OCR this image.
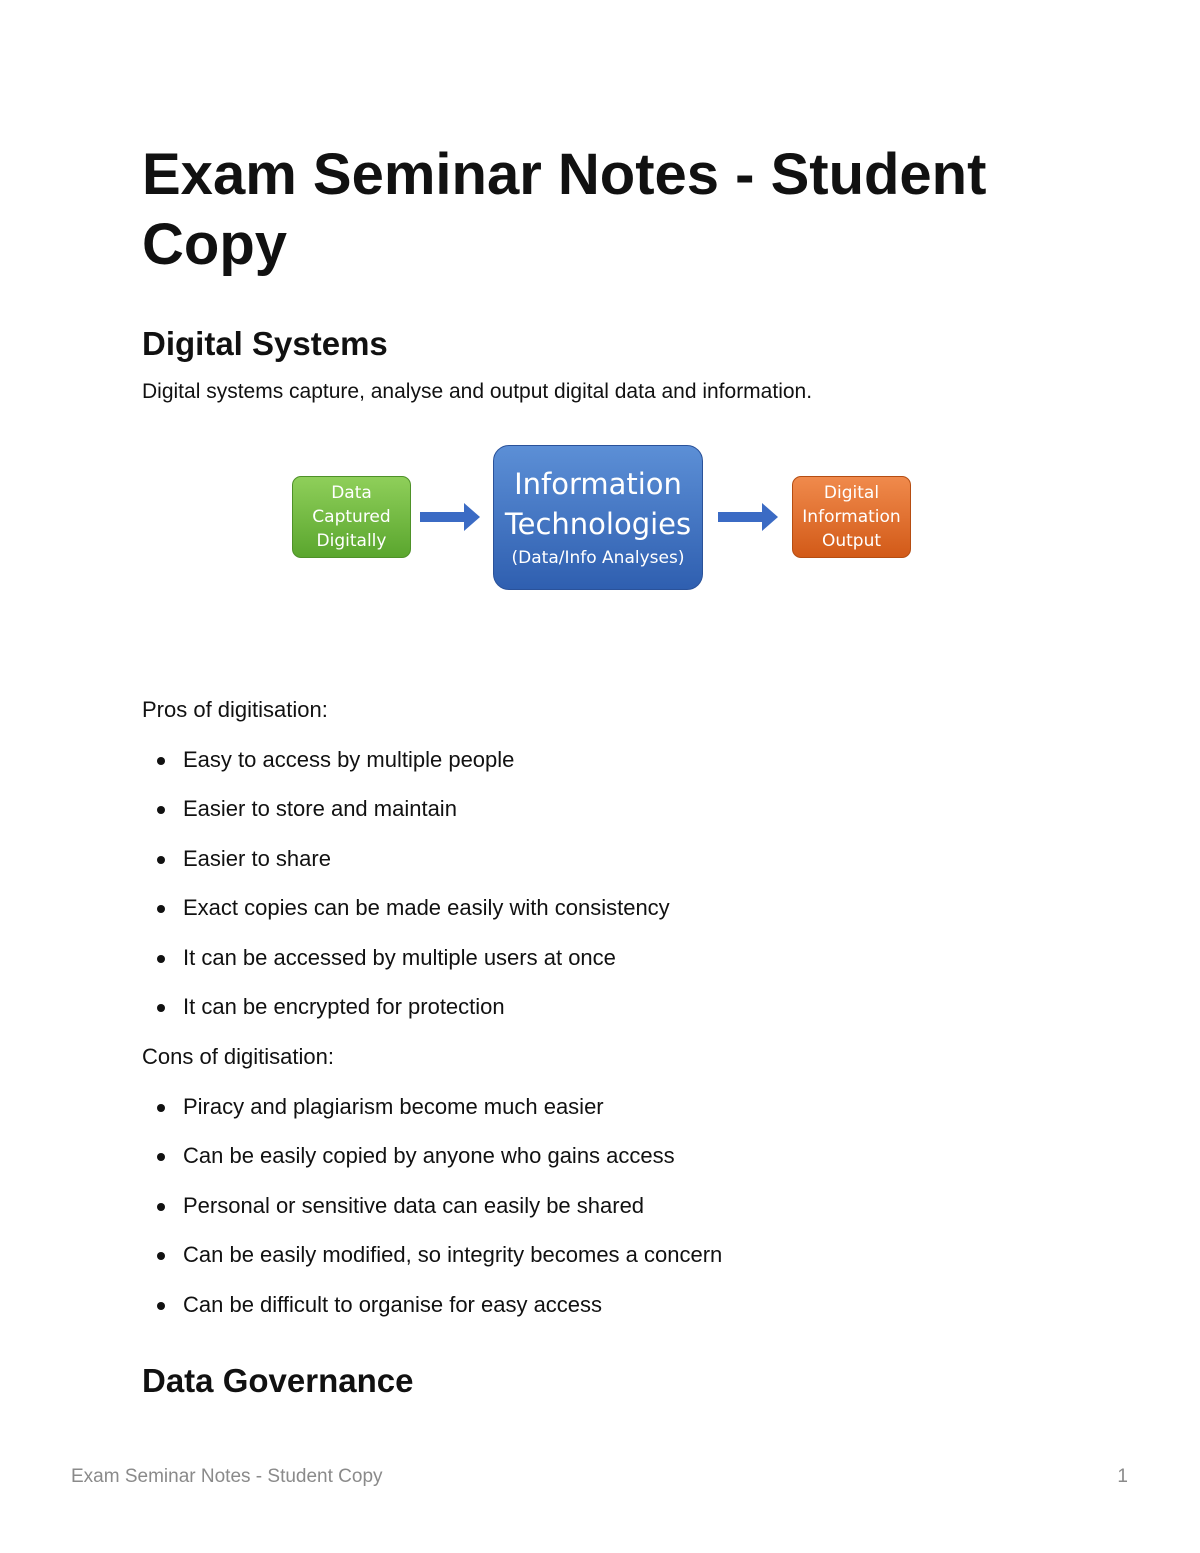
Exam Seminar Notes - Student Copy
Digital Systems

Digital systems capture, analyse and output digital data and information.

Data
Captured
Digitally
Information
Technologies
(Data/Info Analyses)
Digital
Information
Output

Pros of digitisation:

Easy to access by multiple people
Easier to store and maintain
Easier to share
Exact copies can be made easily with consistency
It can be accessed by multiple users at once
It can be encrypted for protection

Cons of digitisation:

Piracy and plagiarism become much easier
Can be easily copied by anyone who gains access
Personal or sensitive data can easily be shared
Can be easily modified, so integrity becomes a concern
Can be difficult to organise for easy access
Data Governance
Exam Seminar Notes - Student Copy	1
